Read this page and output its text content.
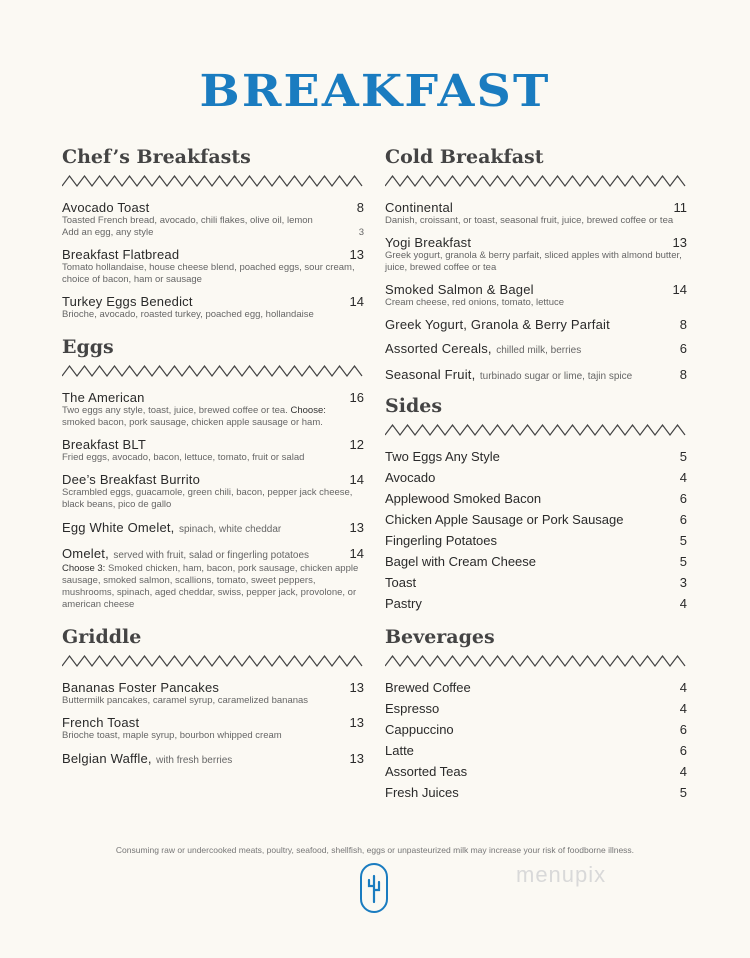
BREAKFAST
Chef’s Breakfasts
Avocado Toast	8
Toasted French bread, avocado, chili flakes, olive oil, lemon
Add an egg, any style	3
Breakfast Flatbread	13
Tomato hollandaise, house cheese blend, poached eggs, sour cream, choice of bacon, ham or sausage
Turkey Eggs Benedict	14
Brioche, avocado, roasted turkey, poached egg, hollandaise
Eggs
The American	16
Two eggs any style, toast, juice, brewed coffee or tea. Choose:
smoked bacon, pork sausage, chicken apple sausage or ham.
Breakfast BLT	12
Fried eggs, avocado, bacon, lettuce, tomato, fruit or salad
Dee’s Breakfast Burrito	14
Scrambled eggs, guacamole, green chili, bacon, pepper jack cheese, black beans, pico de gallo
Egg White Omelet, spinach, white cheddar	13
Omelet, served with fruit, salad or fingerling potatoes	14
Choose 3: Smoked chicken, ham, bacon, pork sausage, chicken apple sausage, smoked salmon, scallions, tomato, sweet peppers, mushrooms, spinach, aged cheddar, swiss, pepper jack, provolone, or american cheese
Griddle
Bananas Foster Pancakes	13
Buttermilk pancakes, caramel syrup, caramelized bananas
French Toast	13
Brioche toast, maple syrup, bourbon whipped cream
Belgian Waffle, with fresh berries	13
Cold Breakfast
Continental	11
Danish, croissant, or toast, seasonal fruit, juice, brewed coffee or tea
Yogi Breakfast	13
Greek yogurt, granola & berry parfait, sliced apples with almond butter, juice, brewed coffee or tea
Smoked Salmon & Bagel	14
Cream cheese, red onions, tomato, lettuce
Greek Yogurt, Granola & Berry Parfait	8
Assorted Cereals, chilled milk, berries	6
Seasonal Fruit, turbinado sugar or lime, tajin spice	8
Sides
Two Eggs Any Style	5
Avocado	4
Applewood Smoked Bacon	6
Chicken Apple Sausage or Pork Sausage	6
Fingerling Potatoes	5
Bagel with Cream Cheese	5
Toast	3
Pastry	4
Beverages
Brewed Coffee	4
Espresso	4
Cappuccino	6
Latte	6
Assorted Teas	4
Fresh Juices	5
Consuming raw or undercooked meats, poultry, seafood, shellfish, eggs or unpasteurized milk may increase your risk of foodborne illness.
menupix
